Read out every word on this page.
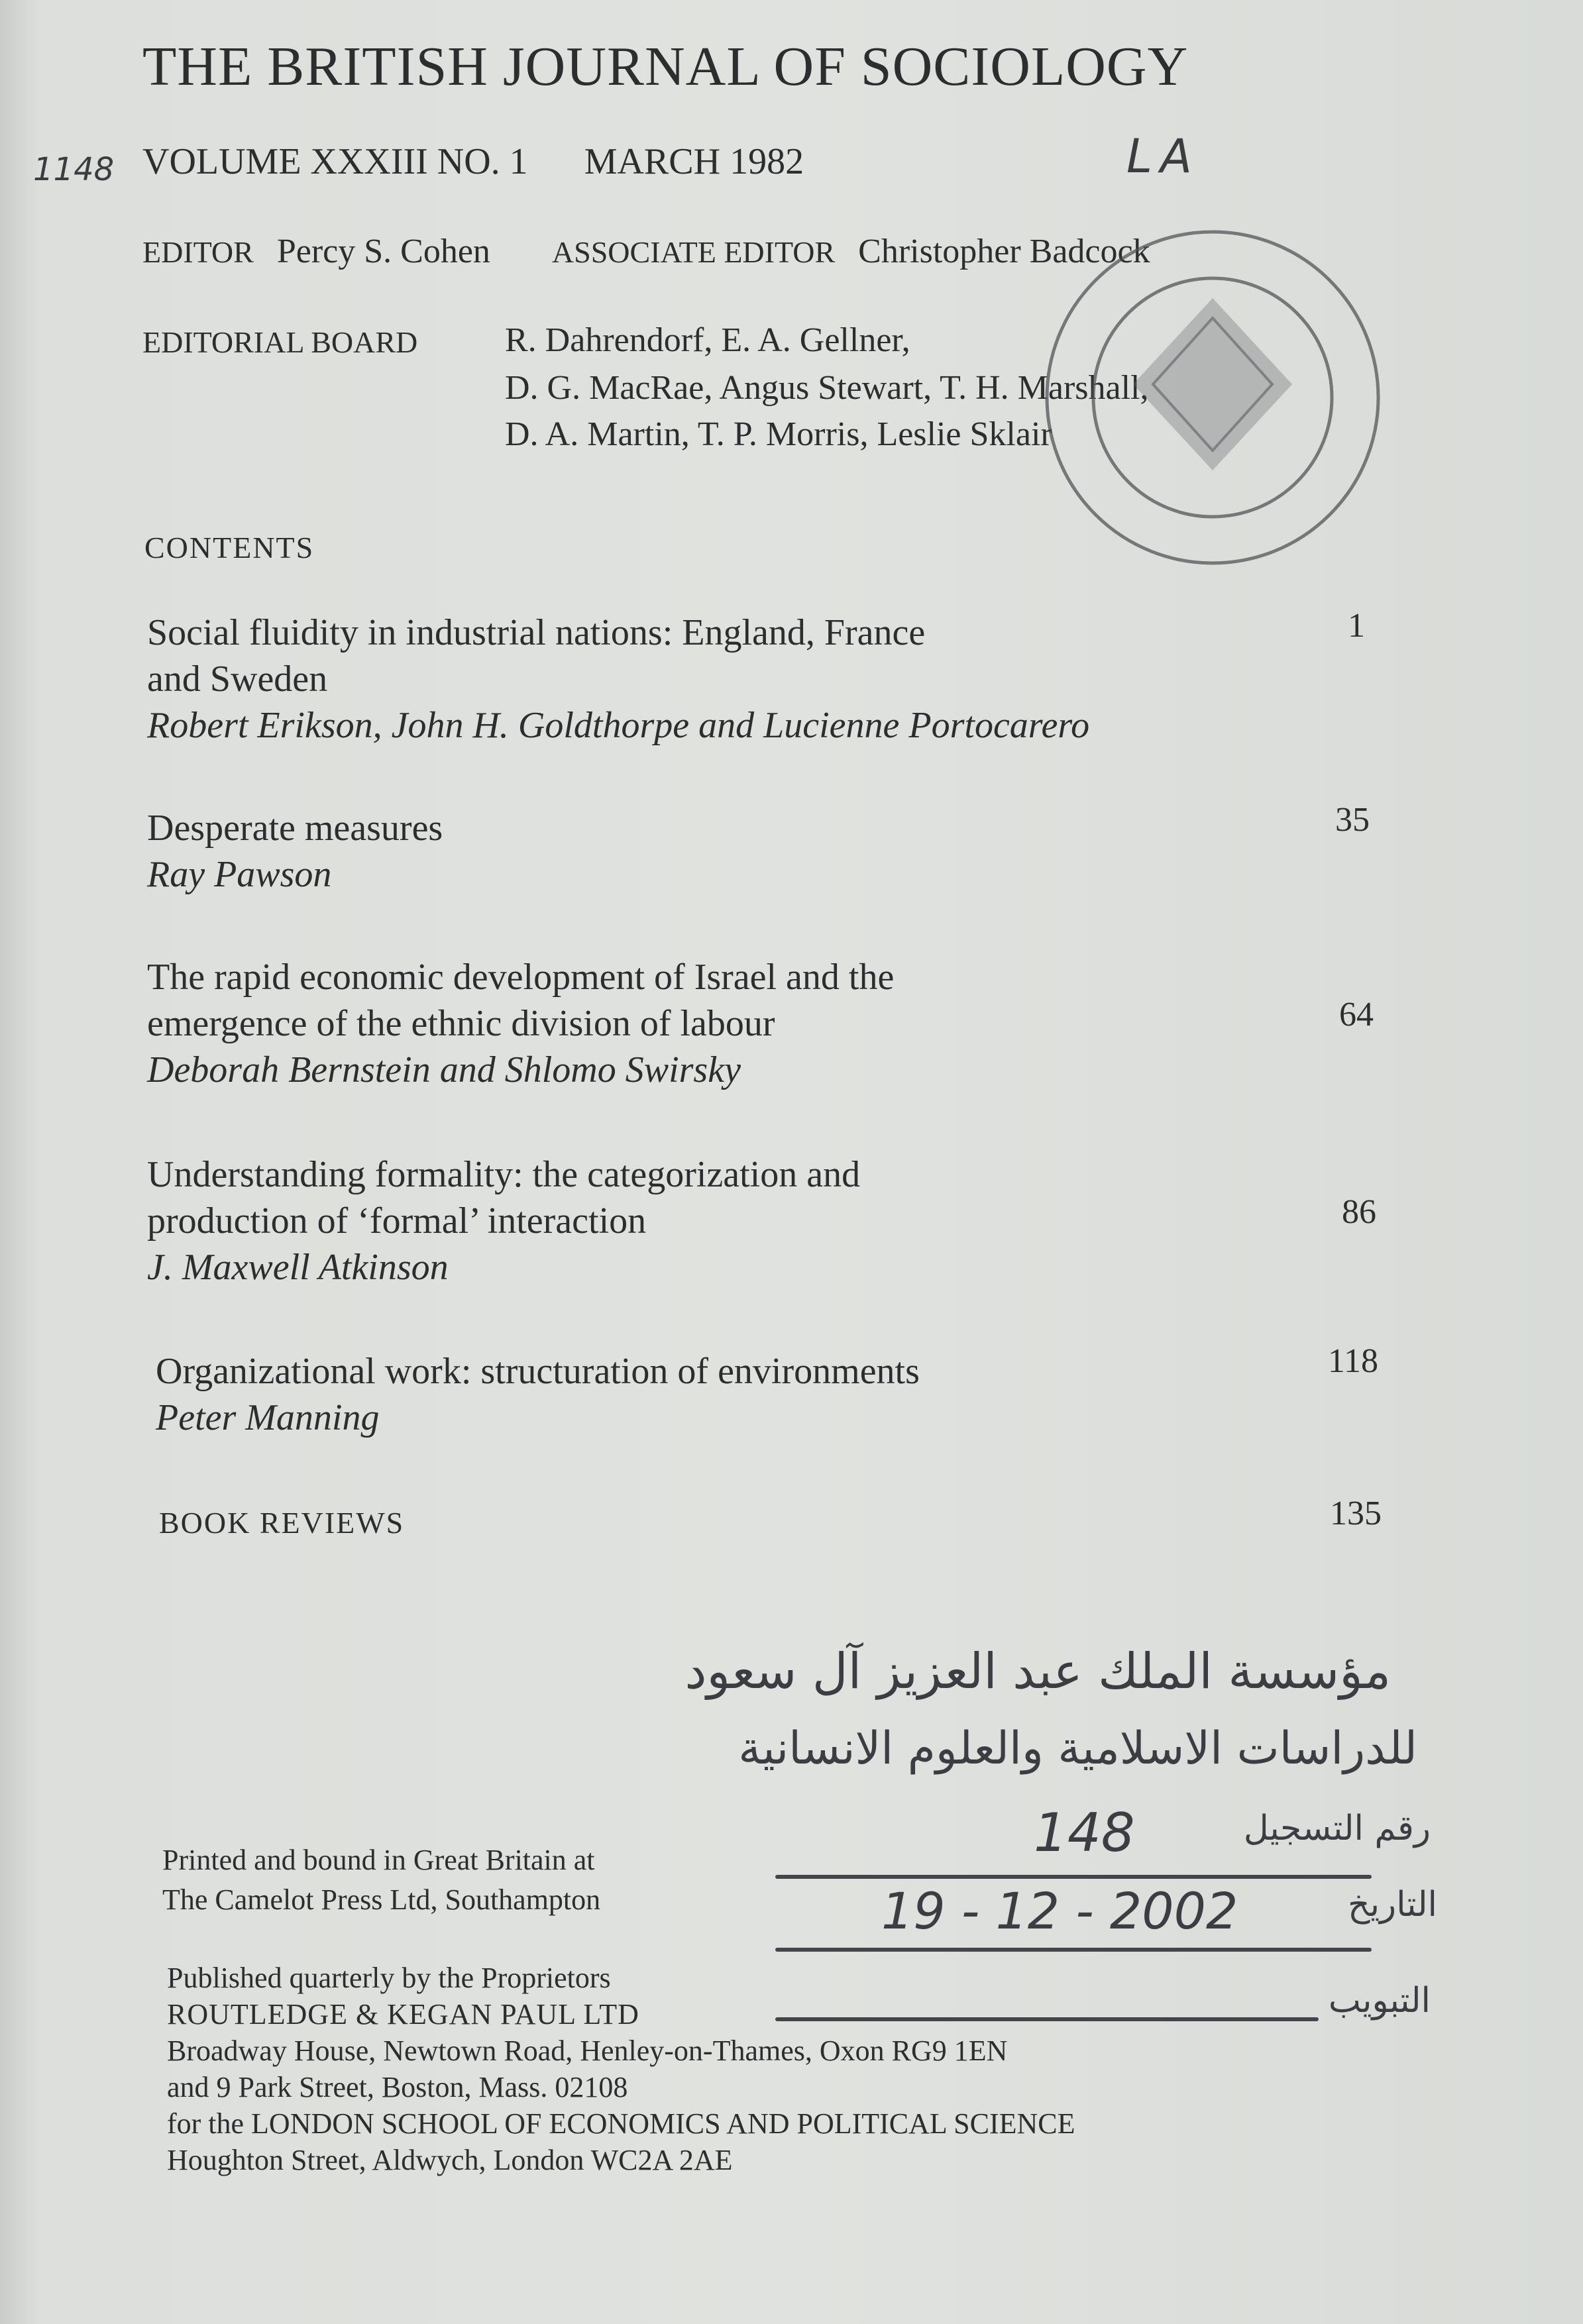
THE BRITISH JOURNAL OF SOCIOLOGY
1148 VOLUME XXXIII NO. 1 MARCH 1982	LA
EDITOR Percy S. Cohen ASSOCIATE EDITOR Christopher Badcock
EDITORIAL BOARD	R. Dahrendorf, E. A. Gellner,
D. G. MacRae, Angus Stewart, T. H. Marshall,
D. A. Martin, T. P. Morris, Leslie Sklair
CONTENTS
Social fluidity in industrial nations: England, France
and Sweden
Robert Erikson, John H. Goldthorpe and Lucienne Portocarero
1
Desperate measures
Ray Pawson
35
The rapid economic development of Israel and the
emergence of the ethnic division of labour
Deborah Bernstein and Shlomo Swirsky
64
Understanding formality: the categorization and
production of ‘formal’ interaction
J. Maxwell Atkinson
86
Organizational work: structuration of environments
Peter Manning
118
BOOK REVIEWS	135
مؤسسة الملك عبد العزيز آل سعود
للدراسات الاسلامية والعلوم الانسانية
رقم التسجيل
148
التاريخ
19 - 12 - 2002
التبويب
Printed and bound in Great Britain at
The Camelot Press Ltd, Southampton
Published quarterly by the Proprietors
ROUTLEDGE & KEGAN PAUL LTD
Broadway House, Newtown Road, Henley-on-Thames, Oxon RG9 1EN
and 9 Park Street, Boston, Mass. 02108
for the LONDON SCHOOL OF ECONOMICS AND POLITICAL SCIENCE
Houghton Street, Aldwych, London WC2A 2AE
